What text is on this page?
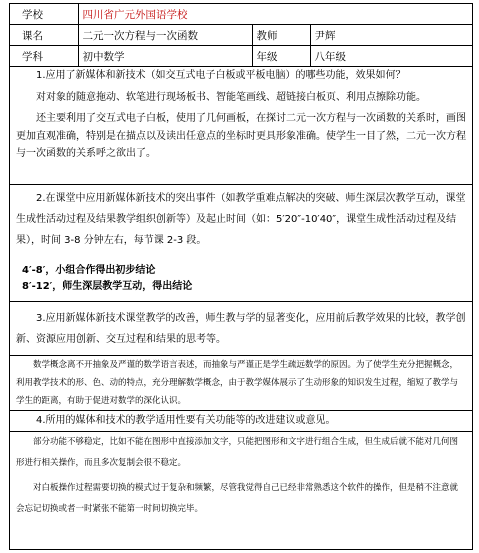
学校	四川省广元外国语学校		
课名	二元一次方程与一次函数	教师	尹辉
学科	初中数学	年级	八年级

1.应用了新媒体和新技术（如交互式电子白板或平板电脑）的哪些功能，效果如何？

对对象的随意拖动、软笔进行现场板书、智能笔画线、超链接白板页、利用点擦除功能。

还主要利用了交互式电子白板，使用了几何画板，在探讨二元一次方程与一次函数的关系时，画图更加直观准确，特别是在描点以及读出任意点的坐标时更具形象准确。使学生一目了然，二元一次方程与一次函数的关系呼之欲出了。

2.在课堂中应用新媒体新技术的突出事件（如教学重难点解决的突破、师生深层次教学互动，课堂生成性活动过程及结果教学组织创新等）及起止时间（如：5′20″-10′40″，课堂生成性活动过程及结果），时间 3-8 分钟左右，每节课 2-3 段。

4′-8′，小组合作得出初步结论

8′-12′，师生深层教学互动，得出结论

3.应用新媒体新技术课堂教学的改善，师生教与学的显著变化，应用前后教学效果的比较，教学创新、资源应用创新、交互过程和结果的思考等。

数学概念离不开抽象及严谨的数学语言表述，而抽象与严谨正是学生疏远数学的原因。为了使学生充分把握概念，利用教学技术的形、色、动的特点，充分理解数学概念，由于教学媒体展示了生动形象的知识发生过程，缩短了教学与学生的距离，有助于促进对数学的深化认识。

4.所用的媒体和技术的教学适用性要有关功能等的改进建议或意见。

部分功能不够稳定，比如不能在图形中直接添加文字，只能把图形和文字进行组合生成，但生成后就不能对几何图形进行相关操作，而且多次复制会很不稳定。

对白板操作过程需要切换的模式过于复杂和频繁，尽管我觉得自己已经非常熟悉这个软件的操作，但是稍不注意就会忘记切换或者一时紧张不能第一时间切换完毕。
